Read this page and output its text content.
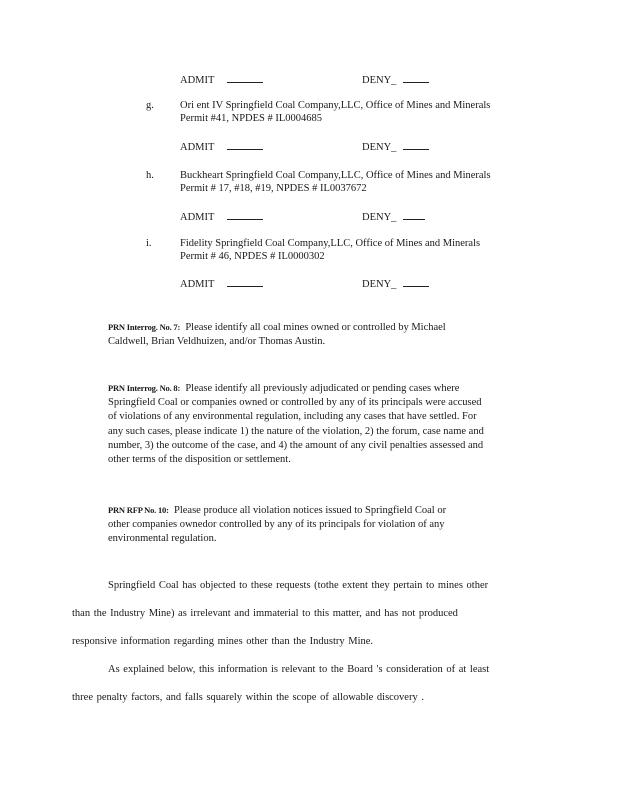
ADMIT	DENY_
g. Ori ent IV Springfield Coal Company,LLC, Office of Mines and Minerals
Permit #41, NPDES # IL0004685
ADMIT	DENY_
h. Buckheart Springfield Coal Company,LLC, Office of Mines and Minerals
Permit # 17, #18, #19, NPDES # IL0037672
ADMIT	DENY_
i.	Fidelity Springfield Coal Company,LLC, Office of Mines and Minerals
Permit # 46, NPDES # IL0000302
ADMIT	DENY_
PRN Interrog. No. 7: Please identify all coal mines owned or controlled by Michael
Caldwell, Brian Veldhuizen, and/or Thomas Austin.
PRN Interrog. No. 8: Please identify all previously adjudicated or pending cases where
Springfield Coal or companies owned or controlled by any of its principals were accused
of violations of any environmental regulation, including any cases that have settled. For
any such cases, please indicate 1) the nature of the violation, 2) the forum, case name and
number, 3) the outcome of the case, and 4) the amount of any civil penalties assessed and
other terms of the disposition or settlement.
PRN RFP No. 10: Please produce all violation notices issued to Springfield Coal or
other companies ownedor controlled by any of its principals for violation of any
environmental regulation.
Springfield Coal has objected to these requests (tothe extent they pertain to mines other
than the Industry Mine) as irrelevant and immaterial to this matter, and has not produced
responsive information regarding mines other than the Industry Mine.
As explained below, this information is relevant to the Board 's consideration of at least
three penalty factors, and falls squarely within the scope of allowable discovery .
